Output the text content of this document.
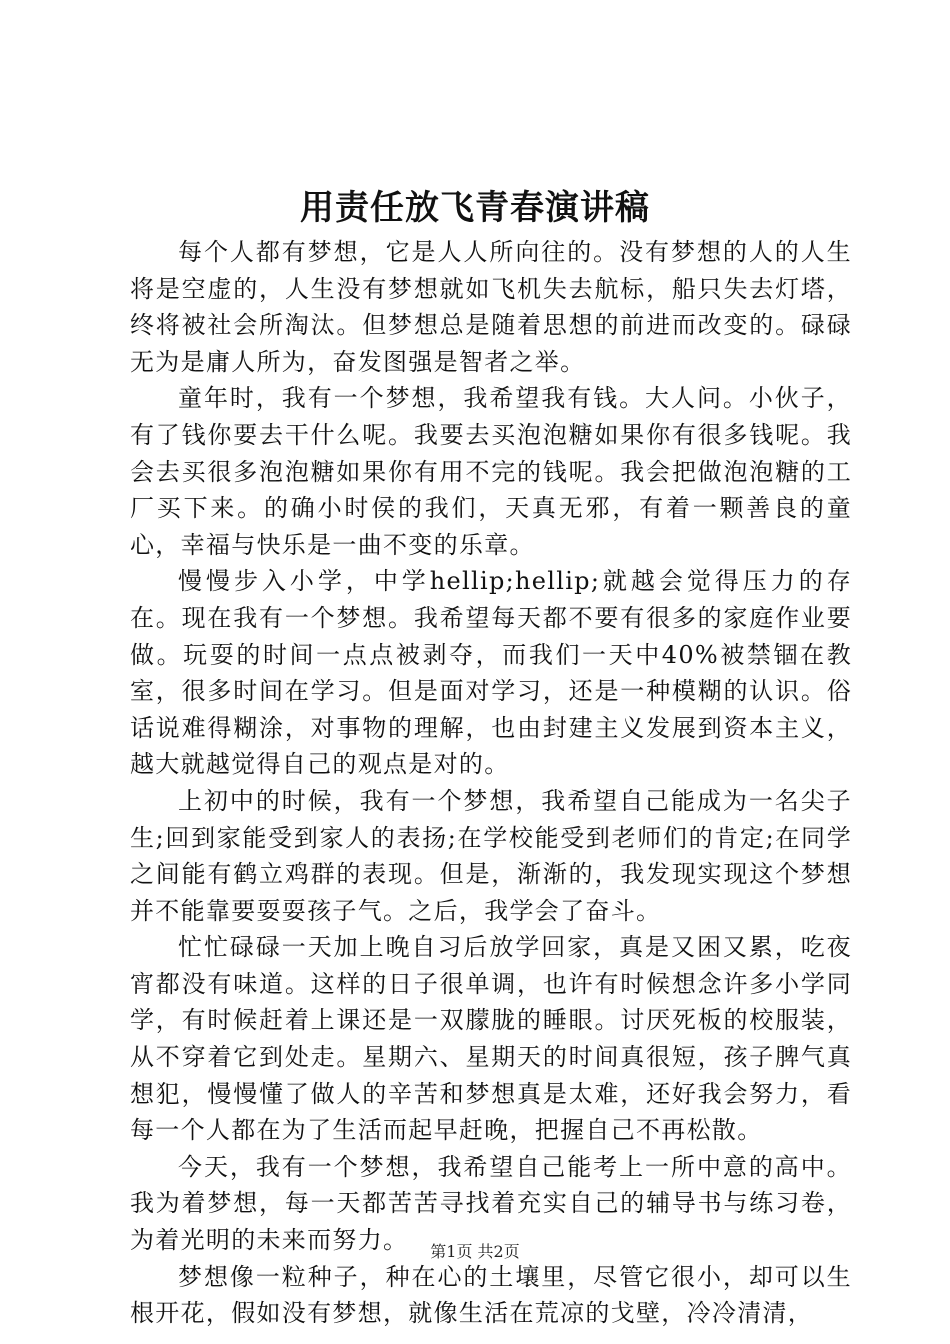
用责任放飞青春演讲稿

每个人都有梦想，它是人人所向往的。没有梦想的人的人生将是空虚的，人生没有梦想就如飞机失去航标，船只失去灯塔，终将被社会所淘汰。但梦想总是随着思想的前进而改变的。碌碌无为是庸人所为，奋发图强是智者之举。

童年时，我有一个梦想，我希望我有钱。大人问。小伙子，有了钱你要去干什么呢。我要去买泡泡糖如果你有很多钱呢。我会去买很多泡泡糖如果你有用不完的钱呢。我会把做泡泡糖的工厂买下来。的确小时侯的我们，天真无邪，有着一颗善良的童心，幸福与快乐是一曲不变的乐章。

慢慢步入小学，中学hellip;hellip;就越会觉得压力的存在。现在我有一个梦想。我希望每天都不要有很多的家庭作业要做。玩耍的时间一点点被剥夺，而我们一天中40%被禁锢在教室，很多时间在学习。但是面对学习，还是一种模糊的认识。俗话说难得糊涂，对事物的理解，也由封建主义发展到资本主义，越大就越觉得自己的观点是对的。

上初中的时候，我有一个梦想，我希望自己能成为一名尖子生;回到家能受到家人的表扬;在学校能受到老师们的肯定;在同学之间能有鹤立鸡群的表现。但是，渐渐的，我发现实现这个梦想并不能靠要耍耍孩子气。之后，我学会了奋斗。

忙忙碌碌一天加上晚自习后放学回家，真是又困又累，吃夜宵都没有味道。这样的日子很单调，也许有时候想念许多小学同学，有时候赶着上课还是一双朦胧的睡眼。讨厌死板的校服装，从不穿着它到处走。星期六、星期天的时间真很短，孩子脾气真想犯，慢慢懂了做人的辛苦和梦想真是太难，还好我会努力，看每一个人都在为了生活而起早赶晚，把握自己不再松散。

今天，我有一个梦想，我希望自己能考上一所中意的高中。我为着梦想，每一天都苦苦寻找着充实自己的辅导书与练习卷，为着光明的未来而努力。

梦想像一粒种子，种在心的土壤里，尽管它很小，却可以生根开花，假如没有梦想，就像生活在荒凉的戈壁，冷冷清清，

第1页 共2页
